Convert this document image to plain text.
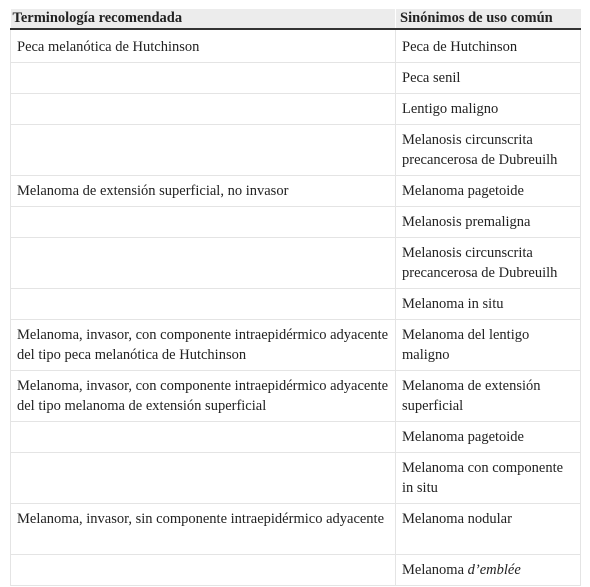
Terminología recomendada	Sinónimos de uso común
Peca melanótica de Hutchinson	Peca de Hutchinson
	Peca senil
	Lentigo maligno
	Melanosis circunscrita precancerosa de Dubreuilh
Melanoma de extensión superficial, no invasor	Melanoma pagetoide
	Melanosis premaligna
	Melanosis circunscrita precancerosa de Dubreuilh
	Melanoma in situ
Melanoma, invasor, con componente intraepidérmico adyacente del tipo peca melanótica de Hutchinson	Melanoma del lentigo maligno
Melanoma, invasor, con componente intraepidérmico adyacente del tipo melanoma de extensión superficial	Melanoma de extensión superficial
	Melanoma pagetoide
	Melanoma con componente in situ
Melanoma, invasor, sin componente intraepidérmico adyacente	Melanoma nodular
	Melanoma d’emblée
